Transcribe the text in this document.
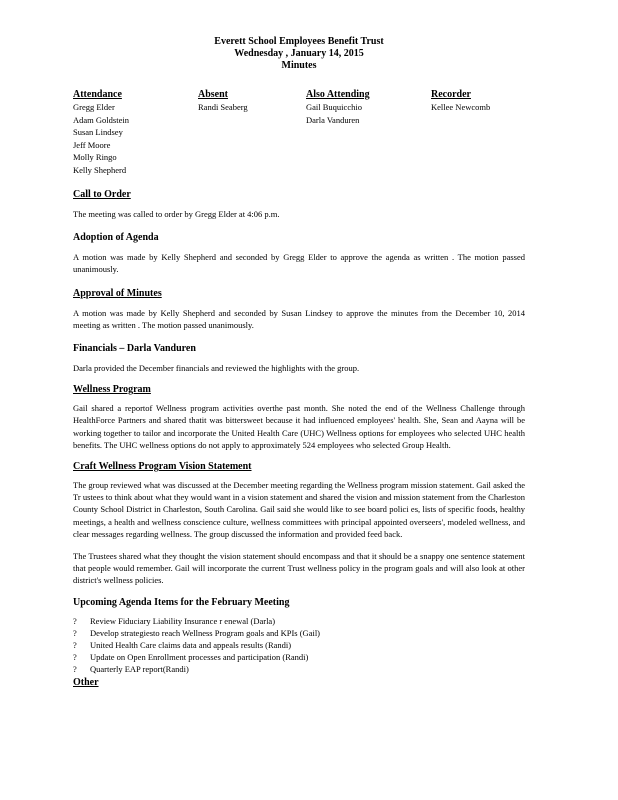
Everett School Employees Benefit Trust

Wednesday , January 14, 2015

Minutes

Attendance
Gregg Elder
Adam Goldstein
Susan Lindsey
Jeff Moore
Molly Ringo
Kelly Shepherd
Absent
Randi Seaberg
Also Attending
Gail Buquicchio
Darla Vanduren
Recorder
Kellee Newcomb
Call to Order

The meeting was called to order by Gregg Elder at 4:06 p.m.

Adoption of Agenda

A motion was made by Kelly Shepherd and seconded by Gregg Elder to approve the agenda as written . The motion passed unanimously.

Approval of Minutes

A motion was made by Kelly Shepherd and seconded by Susan Lindsey to approve the minutes from the December 10, 2014 meeting as written . The motion passed unanimously.

Financials – Darla Vanduren

Darla provided the December financials and reviewed the highlights with the group.

Wellness Program

Gail shared a reportof Wellness program activities overthe past month. She noted the end of the Wellness Challenge through HealthForce Partners and shared thatit was bittersweet because it had influenced employees' health. She, Sean and Aayna will be working together to tailor and incorporate the United Health Care (UHC) Wellness options for employees who selected UHC health benefits. The UHC wellness options do not apply to approximately 524 employees who selected Group Health.

Craft Wellness Program Vision Statement

The group reviewed what was discussed at the December meeting regarding the Wellness program mission statement. Gail asked the Tr ustees to think about what they would want in a vision statement and shared the vision and mission statement from the Charleston County School District in Charleston, South Carolina. Gail said she would like to see board polici es, lists of specific foods, healthy meetings, a health and wellness conscience culture, wellness committees with principal appointed overseers', modeled wellness, and clear messages regarding wellness. The group discussed the information and provided feed back.

The Trustees shared what they thought the vision statement should encompass and that it should be a snappy one sentence statement that people would remember. Gail will incorporate the current Trust wellness policy in the program goals and will also look at other district's wellness policies.

Upcoming Agenda Items for the February Meeting
? Review Fiduciary Liability Insurance r enewal (Darla)
? Develop strategiesto reach Wellness Program goals and KPIs (Gail)
? United Health Care claims data and appeals results (Randi)
? Update on Open Enrollment processes and participation (Randi)
? Quarterly EAP report(Randi)
Other
